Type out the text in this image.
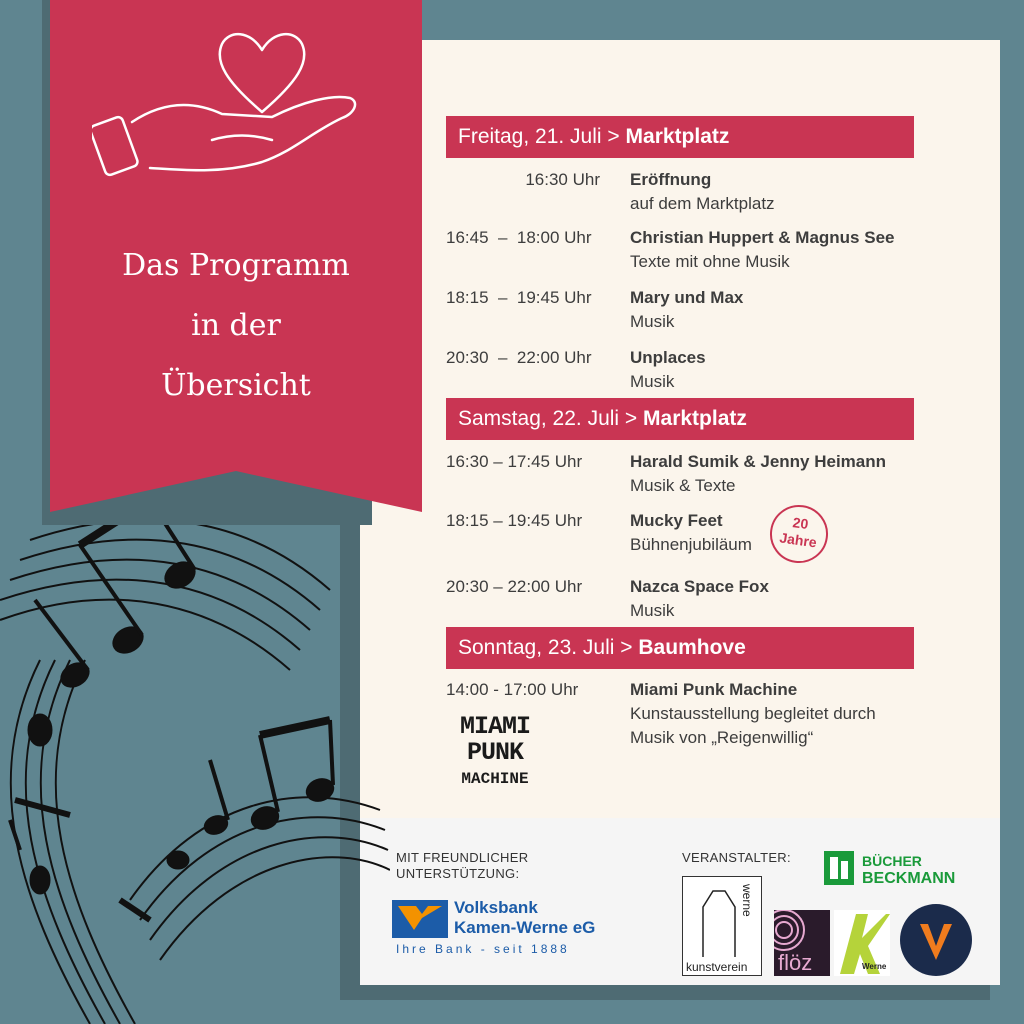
Das Programm
in der
Übersicht
Freitag, 21. Juli > Marktplatz
16:30 Uhr Eröffnung
auf dem Marktplatz
16:45  –  18:00 Uhr	Christian Huppert & Magnus See
Texte mit ohne Musik
18:15  –  19:45 Uhr	Mary und Max
Musik
20:30  –  22:00 Uhr	Unplaces
Musik
Samstag, 22. Juli > Marktplatz
16:30 – 17:45 Uhr	Harald Sumik & Jenny Heimann
Musik & Texte
18:15 – 19:45 Uhr	Mucky Feet
Bühnenjubiläum
20
Jahre
20:30 – 22:00 Uhr	Nazca Space Fox
Musik
Sonntag, 23. Juli > Baumhove
14:00 - 17:00 Uhr	Miami Punk Machine
Kunstausstellung begleitet durch
Musik von „Reigenwillig“
MIAMI
PUNK
MACHINE
MIT FREUNDLICHER
UNTERSTÜTZUNG:
VERANSTALTER:
Volksbank
Kamen-Werne eG
Ihre Bank - seit 1888
werne
kunstverein flöz	Werne
BÜCHER
BECKMANN
